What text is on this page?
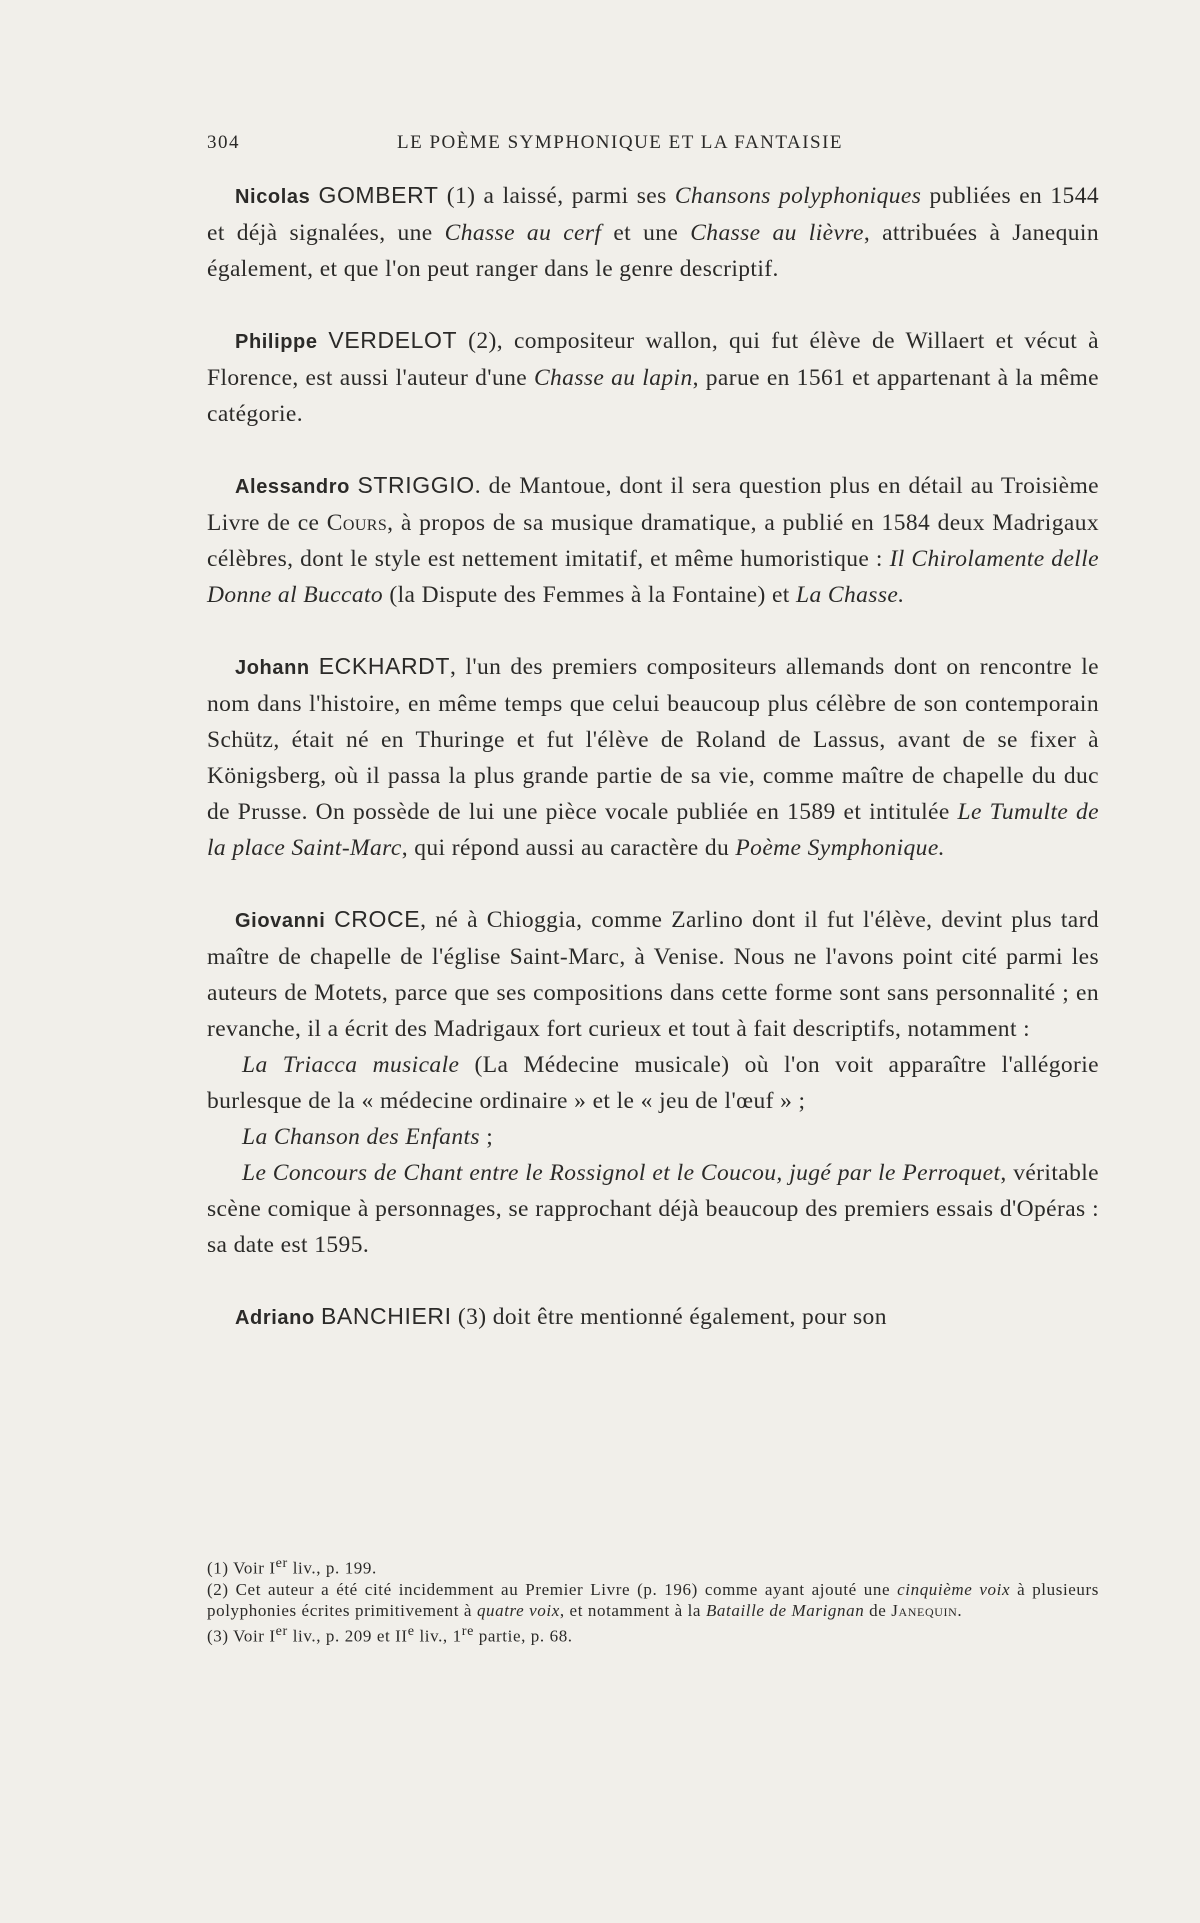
304	LE POÈME SYMPHONIQUE ET LA FANTAISIE

Nicolas GOMBERT (1) a laissé, parmi ses Chansons polyphoniques publiées en 1544 et déjà signalées, une Chasse au cerf et une Chasse au lièvre, attribuées à Janequin également, et que l'on peut ranger dans le genre descriptif.

Philippe VERDELOT (2), compositeur wallon, qui fut élève de Willaert et vécut à Florence, est aussi l'auteur d'une Chasse au lapin, parue en 1561 et appartenant à la même catégorie.

Alessandro STRIGGIO. de Mantoue, dont il sera question plus en détail au Troisième Livre de ce Cours, à propos de sa musique dramatique, a publié en 1584 deux Madrigaux célèbres, dont le style est nettement imitatif, et même humoristique : Il Chirolamente delle Donne al Buccato (la Dispute des Femmes à la Fontaine) et La Chasse.

Johann ECKHARDT, l'un des premiers compositeurs allemands dont on rencontre le nom dans l'histoire, en même temps que celui beaucoup plus célèbre de son contemporain Schütz, était né en Thuringe et fut l'élève de Roland de Lassus, avant de se fixer à Königsberg, où il passa la plus grande partie de sa vie, comme maître de chapelle du duc de Prusse. On possède de lui une pièce vocale publiée en 1589 et intitulée Le Tumulte de la place Saint-Marc, qui répond aussi au caractère du Poème Symphonique.

Giovanni CROCE, né à Chioggia, comme Zarlino dont il fut l'élève, devint plus tard maître de chapelle de l'église Saint-Marc, à Venise. Nous ne l'avons point cité parmi les auteurs de Motets, parce que ses compositions dans cette forme sont sans personnalité ; en revanche, il a écrit des Madrigaux fort curieux et tout à fait descriptifs, notamment :

La Triacca musicale (La Médecine musicale) où l'on voit apparaître l'allégorie burlesque de la « médecine ordinaire » et le « jeu de l'œuf » ;

La Chanson des Enfants ;

Le Concours de Chant entre le Rossignol et le Coucou, jugé par le Perroquet, véritable scène comique à personnages, se rapprochant déjà beaucoup des premiers essais d'Opéras : sa date est 1595.

Adriano BANCHIERI (3) doit être mentionné également, pour son

(1) Voir Ier liv., p. 199.

(2) Cet auteur a été cité incidemment au Premier Livre (p. 196) comme ayant ajouté une cinquième voix à plusieurs polyphonies écrites primitivement à quatre voix, et notamment à la Bataille de Marignan de Janequin.

(3) Voir Ier liv., p. 209 et IIe liv., 1re partie, p. 68.
